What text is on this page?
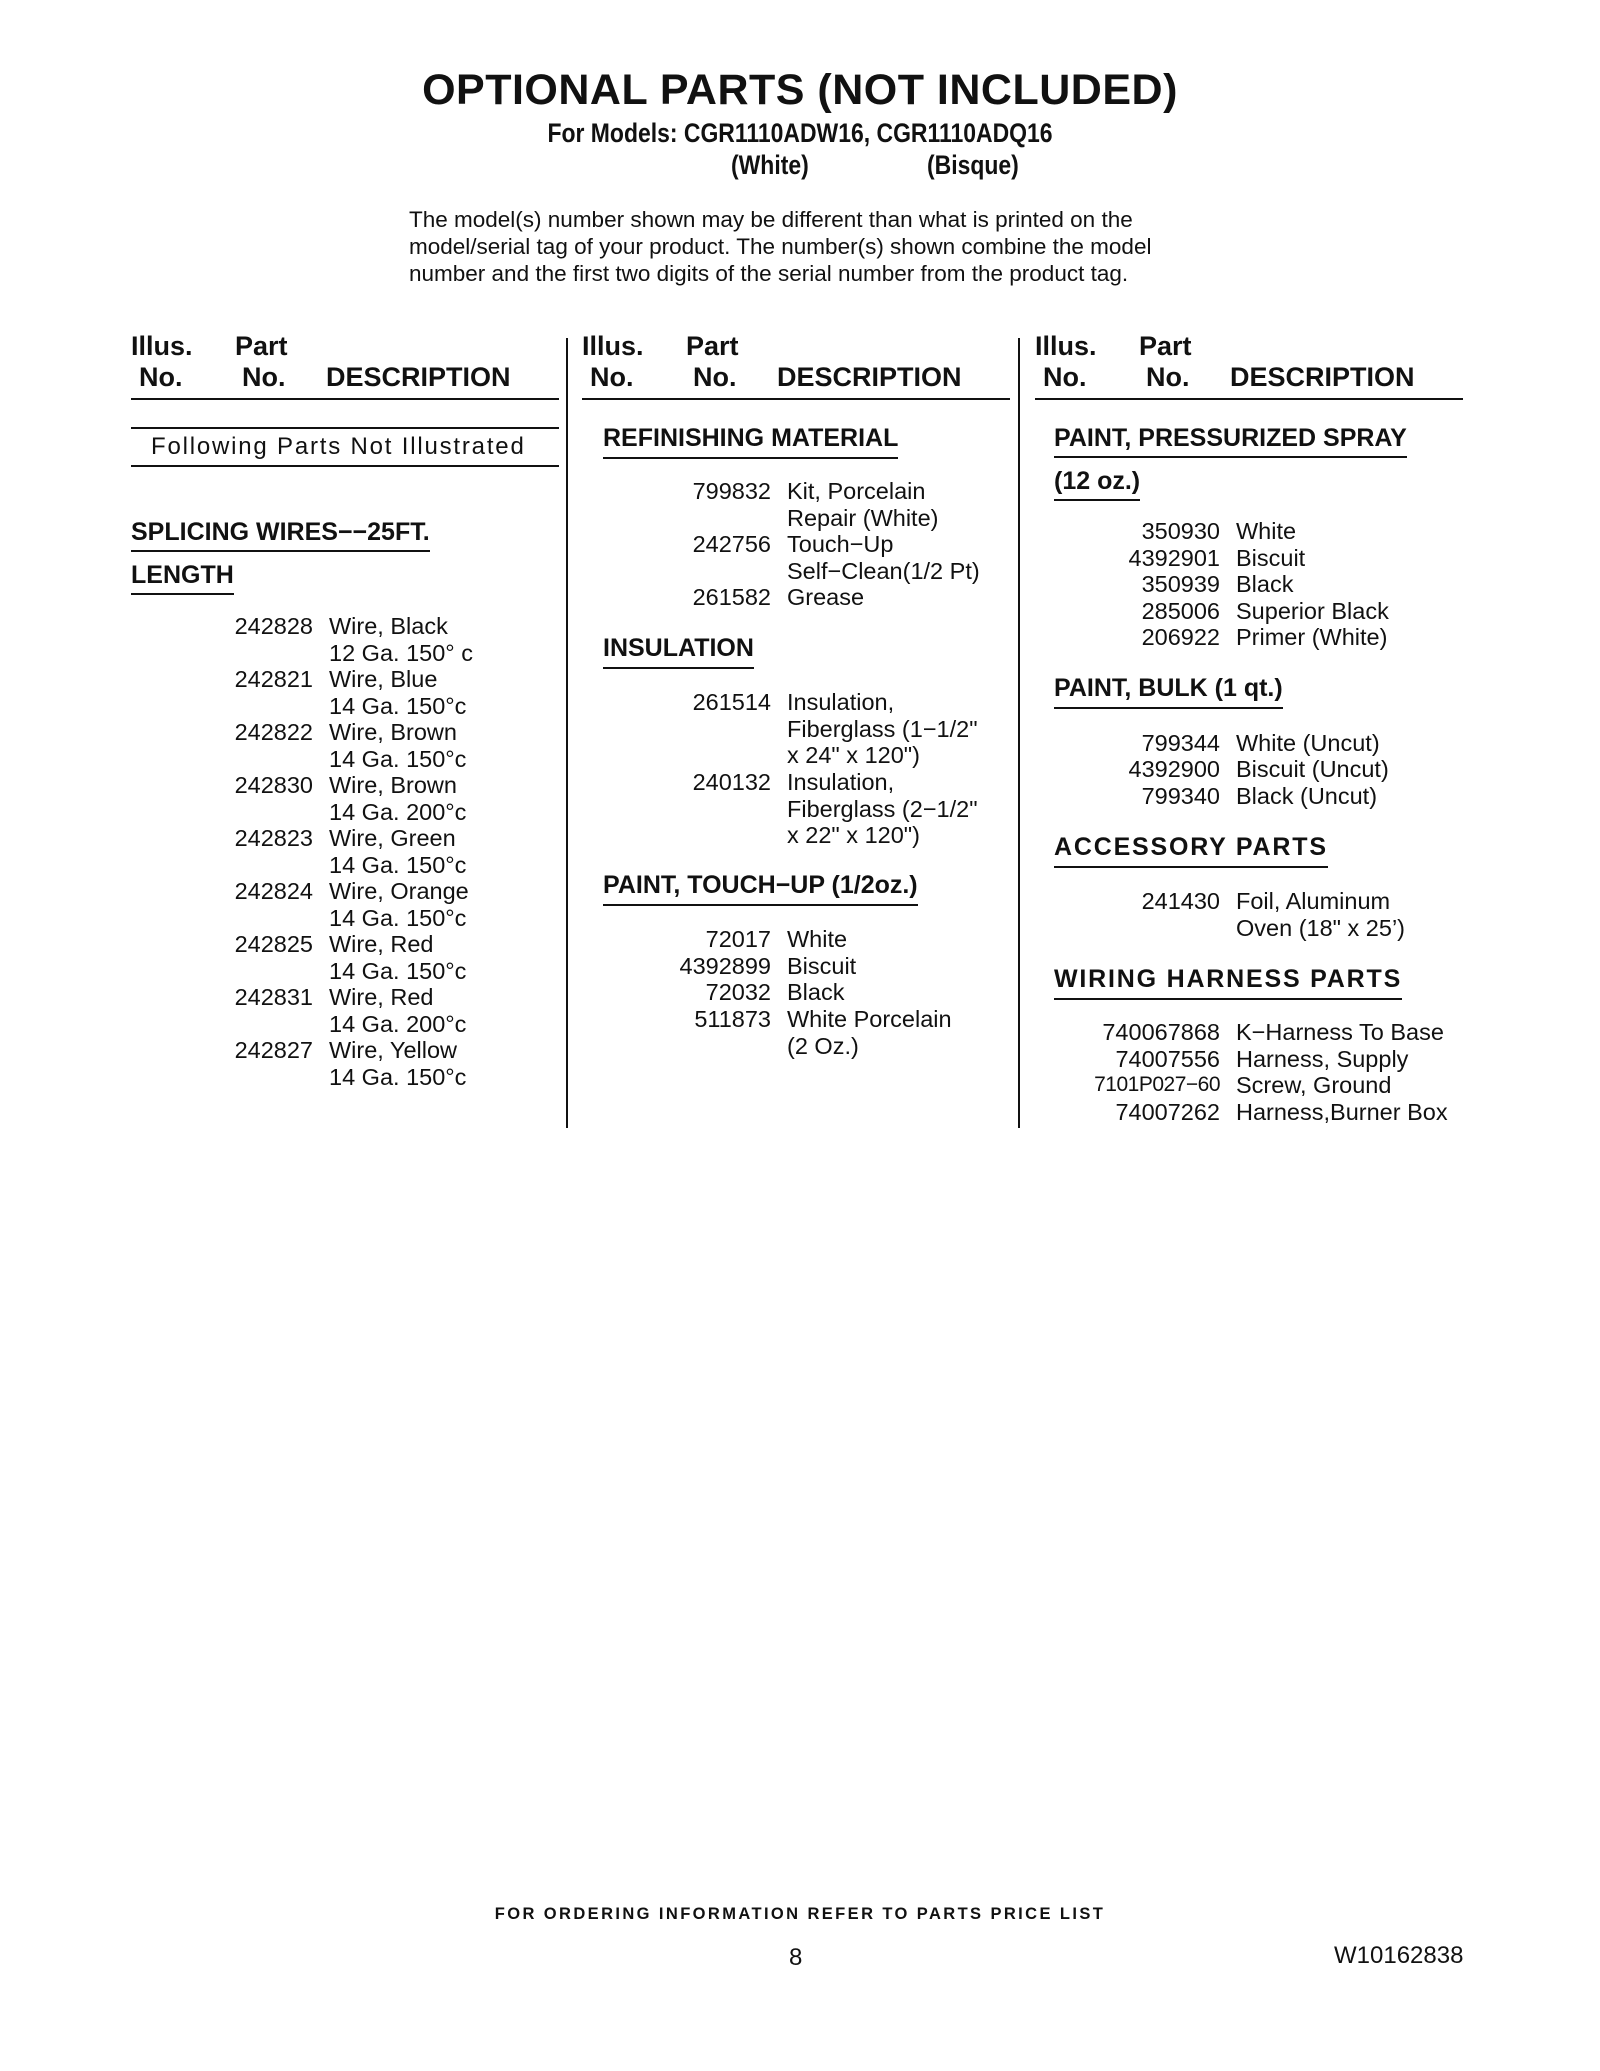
OPTIONAL PARTS (NOT INCLUDED)
For Models: CGR1110ADW16, CGR1110ADQ16
(White)	(Bisque)

The model(s) number shown may be different than what is printed on the

model/serial tag of your product. The number(s) shown combine the model

number and the first two digits of the serial number from the product tag.

Illus. Part
No. No. DESCRIPTION
Illus. Part
No. No. DESCRIPTION
Illus. Part
No. No. DESCRIPTION
Following Parts Not Illustrated
SPLICING WIRES−−25FT.
LENGTH
242828 Wire, Black
12 Ga. 150° c
242821 Wire, Blue
14 Ga. 150°c
242822 Wire, Brown
14 Ga. 150°c
242830 Wire, Brown
14 Ga. 200°c
242823 Wire, Green
14 Ga. 150°c
242824 Wire, Orange
14 Ga. 150°c
242825 Wire, Red
14 Ga. 150°c
242831 Wire, Red
14 Ga. 200°c
242827 Wire, Yellow
14 Ga. 150°c
REFINISHING MATERIAL
799832 Kit, Porcelain
Repair (White)
242756 Touch−Up
Self−Clean(1/2 Pt)
261582 Grease
INSULATION
261514 Insulation,
Fiberglass (1−1/2"
x 24" x 120")
240132 Insulation,
Fiberglass (2−1/2"
x 22" x 120")
PAINT, TOUCH−UP (1/2oz.)
72017 White
4392899 Biscuit
72032 Black
511873 White Porcelain
(2 Oz.)
PAINT, PRESSURIZED SPRAY
(12 oz.)
350930 White
4392901 Biscuit
350939 Black
285006 Superior Black
206922 Primer (White)
PAINT, BULK (1 qt.)
799344 White (Uncut)
4392900 Biscuit (Uncut)
799340 Black (Uncut)
ACCESSORY PARTS
241430 Foil, Aluminum
Oven (18" x 25’)
WIRING HARNESS PARTS
740067868 K−Harness To Base
74007556 Harness, Supply
7101P027−60 Screw, Ground
74007262 Harness,Burner Box
FOR ORDERING INFORMATION REFER TO PARTS PRICE LIST
8	W10162838
